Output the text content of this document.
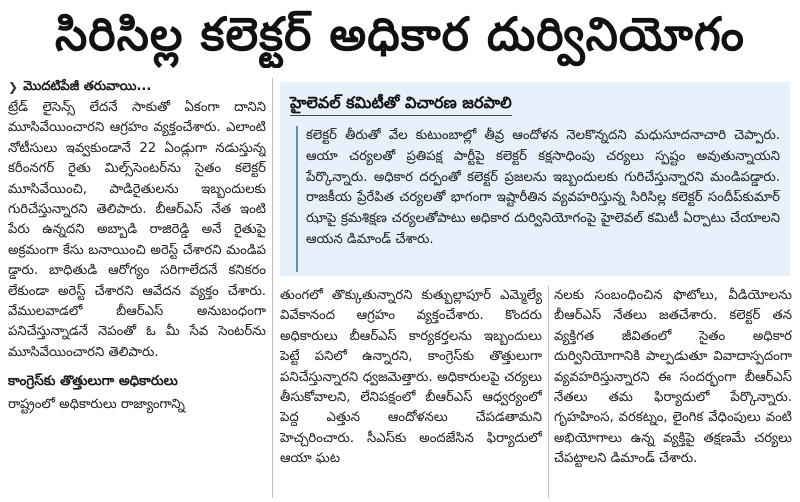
సిరిసిల్ల కలెక్టర్ అధికార దుర్వినియోగం
❯ మొదటిపేజీ తరువాయి...

ట్రేడ్ లైసెన్స్ లేదనే సాకుతో ఏకంగా దానిని మూసివేయించారని ఆగ్రహం వ్యక్తంచేశారు. ఎలాంటి నోటీసులు ఇవ్వకుండానే 22 ఏండ్లుగా నడుస్తున్న కరీంనగర్ రైతు మిల్స్‌సెంటర్‌ను సైతం కలెక్టర్ మూసివేయించి, పాడిరైతులను ఇబ్బందులకు గురిచేస్తున్నారని తెలిపారు. బీఆర్‌ఎస్ నేత ఇంటి పేరు ఉన్నదని అబ్బాడి రాజిరెడ్డి అనే రైతుపై అక్రమంగా కేసు బనాయించి అరెస్ట్ చేశారని మండిప డ్డారు. బాధితుడి ఆరోగ్యం సరిగాలేదనే కనికరం లేకుండా అరెస్ట్ చేశారని ఆవేదన వ్యక్తం చేశారు. వేములవాడలో బీఆర్‌ఎస్ అనుబంధంగా పనిచేస్తున్నాడనే నెపంతో ఓ మీ సేవ సెంటర్‌ను మూసివేయించారని తెలిపారు.

కాంగ్రెస్‌కు తొత్తులుగా అధికారులు

రాష్ట్రంలో అధికారులు రాజ్యాంగాన్ని

హైలెవల్ కమిటీతో విచారణ జరపాలి
కలెక్టర్ తీరుతో వేల కుటుంబాల్లో తీవ్ర ఆందోళన నెలకొన్నదని మధుసూదనాచారి చెప్పారు. ఆయా చర్యలతో ప్రతిపక్ష పార్టీపై కలెక్టర్ కక్షసాధింపు చర్యలు స్పష్టం అవుతున్నాయని పేర్కొన్నారు. అధికార దర్పంతో కలెక్టర్ ప్రజలను ఇబ్బందులకు గురిచేస్తున్నారని మండిపడ్డారు. రాజకీయ ప్రేరేపిత చర్యలతో భాగంగా ఇష్టారీతిన వ్యవహరిస్తున్న సిరిసిల్ల కలెక్టర్ సందీప్‌కుమార్ ఝాపై క్రమశిక్షణ చర్యలతోపాటు అధికార దుర్వినియోగంపై హైలెవల్ కమిటీ ఏర్పాటు చేయాలని ఆయన డిమాండ్ చేశారు.

తుంగలో తొక్కుతున్నారని కుత్బుల్లాపూర్ ఎమ్మెల్యే వివేకానంద ఆగ్రహం వ్యక్తంచేశారు. కొందరు అధికారులు బీఆర్‌ఎస్ కార్యకర్తలను ఇబ్బందులు పెట్టే పనిలో ఉన్నారని, కాంగ్రెస్‌కు తొత్తులుగా పనిచేస్తున్నారని ధ్వజమెత్తారు. అధికారులపై చర్యలు తీసుకోవాలని, లేనిపక్షంలో బీఆర్‌ఎస్ ఆధ్వర్యంలో పెద్ద ఎత్తున ఆందోళనలు చేపడతామని హెచ్చరించారు. సీఎస్‌కు అందజేసిన ఫిర్యాదులో ఆయా ఘట

నలకు సంబంధించిన ఫొటోలు, వీడియోలను బీఆర్‌ఎస్ నేతలు జతచేశారు. కలెక్టర్ తన వ్యక్తిగత జీవితంలో సైతం అధికార దుర్వినియోగానికి పాల్పడుతూ వివాదాస్పదంగా వ్యవహరిస్తున్నారని ఈ సందర్భంగా బీఆర్‌ఎస్ నేతలు తమ ఫిర్యాదులో పేర్కొన్నారు. గృహహింస, వరకట్నం, లైంగిక వేధింపులు వంటి అభియోగాలు ఉన్న వ్యక్తిపై తక్షణమే చర్యలు చేపట్టాలని డిమాండ్ చేశారు.
